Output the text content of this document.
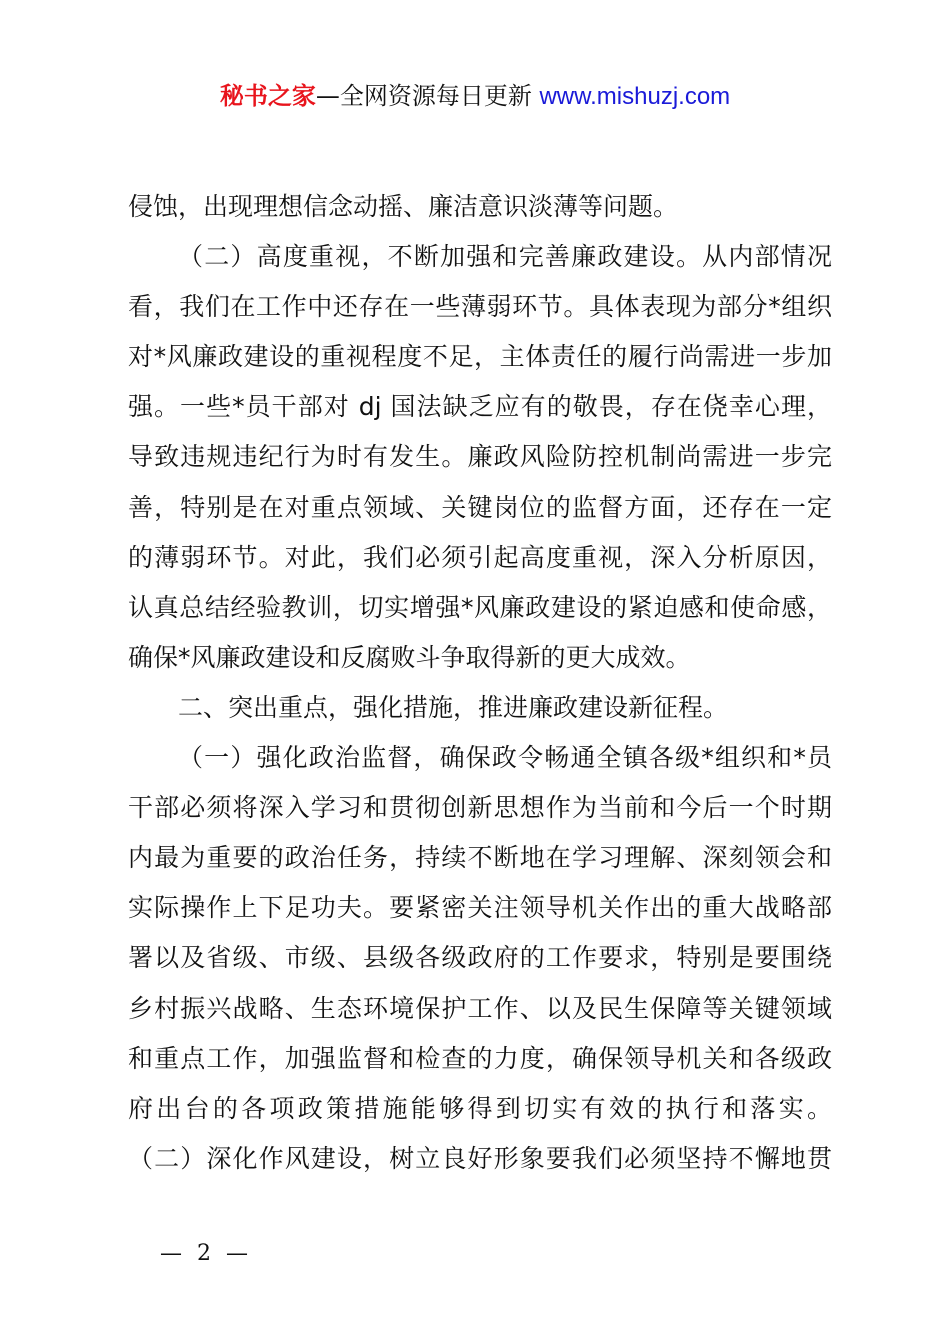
秘书之家—全网资源每日更新 www.mishuzj.com
侵蚀，出现理想信念动摇、廉洁意识淡薄等问题。
（二）高度重视，不断加强和完善廉政建设。从内部情况
看，我们在工作中还存在一些薄弱环节。具体表现为部分*组织
对*风廉政建设的重视程度不足，主体责任的履行尚需进一步加
强。一些*员干部对 dj 国法缺乏应有的敬畏，存在侥幸心理，
导致违规违纪行为时有发生。廉政风险防控机制尚需进一步完
善，特别是在对重点领域、关键岗位的监督方面，还存在一定
的薄弱环节。对此，我们必须引起高度重视，深入分析原因，
认真总结经验教训，切实增强*风廉政建设的紧迫感和使命感，
确保*风廉政建设和反腐败斗争取得新的更大成效。
二、突出重点，强化措施，推进廉政建设新征程。
（一）强化政治监督，确保政令畅通全镇各级*组织和*员
干部必须将深入学习和贯彻创新思想作为当前和今后一个时期
内最为重要的政治任务，持续不断地在学习理解、深刻领会和
实际操作上下足功夫。要紧密关注领导机关作出的重大战略部
署以及省级、市级、县级各级政府的工作要求，特别是要围绕
乡村振兴战略、生态环境保护工作、以及民生保障等关键领域
和重点工作，加强监督和检查的力度，确保领导机关和各级政
府出台的各项政策措施能够得到切实有效的执行和落实。
（二）深化作风建设，树立良好形象要我们必须坚持不懈地贯
— 2 —
